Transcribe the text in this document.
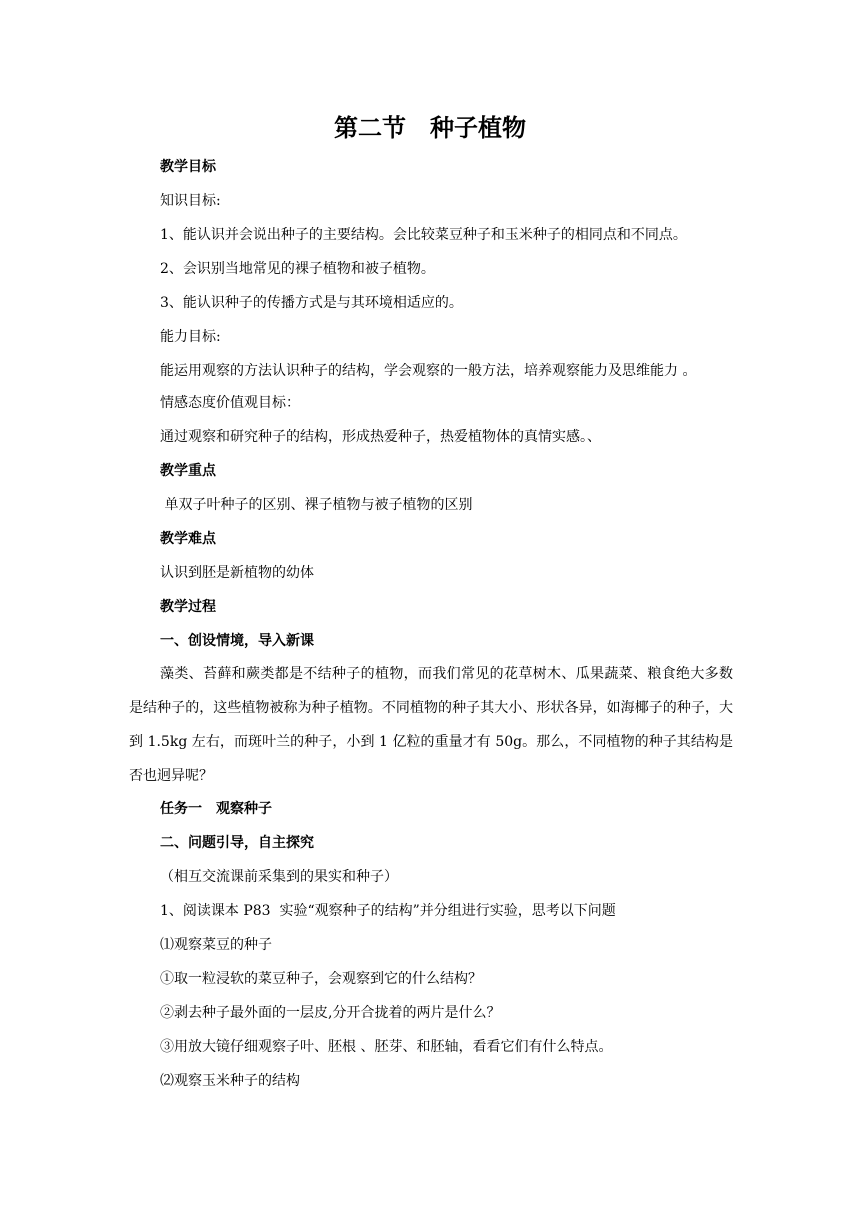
第二节　种子植物
教学目标
知识目标:
1、能认识并会说出种子的主要结构。会比较菜豆种子和玉米种子的相同点和不同点。
2、会识别当地常见的裸子植物和被子植物。
3、能认识种子的传播方式是与其环境相适应的。
能力目标:
能运用观察的方法认识种子的结构，学会观察的一般方法，培养观察能力及思维能力 。
情感态度价值观目标：
通过观察和研究种子的结构，形成热爱种子，热爱植物体的真情实感。、
教学重点
单双子叶种子的区别、裸子植物与被子植物的区别
教学难点
认识到胚是新植物的幼体
教学过程
一、创设情境，导入新课
藻类、苔藓和蕨类都是不结种子的植物，而我们常见的花草树木、瓜果蔬菜、粮食绝大多数是结种子的，这些植物被称为种子植物。不同植物的种子其大小、形状各异，如海椰子的种子，大到 1.5kg 左右，而斑叶兰的种子，小到 1 亿粒的重量才有 50g。那么，不同植物的种子其结构是否也迥异呢？
任务一　观察种子
二、问题引导，自主探究
（相互交流课前采集到的果实和种子）
1、阅读课本 P83  实验“观察种子的结构”并分组进行实验，思考以下问题
⑴观察菜豆的种子
①取一粒浸软的菜豆种子，会观察到它的什么结构？
②剥去种子最外面的一层皮,分开合拢着的两片是什么？
③用放大镜仔细观察子叶、胚根 、胚芽、和胚轴，看看它们有什么特点。
⑵观察玉米种子的结构
